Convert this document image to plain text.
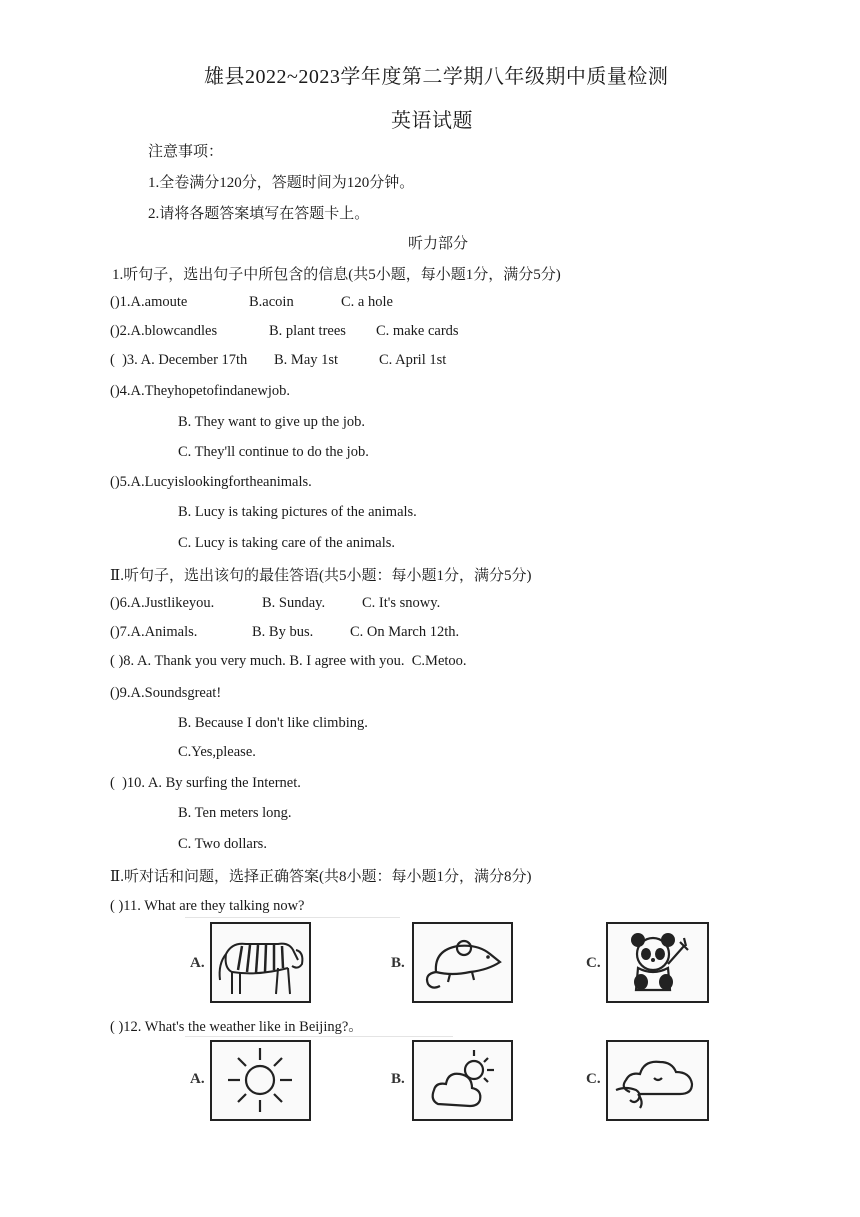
雄县2022~2023学年度第二学期八年级期中质量检测
英语试题
注意事项：
1.全卷满分120分，答题时间为120分钟。
2.请将各题答案填写在答题卡上。
听力部分
1.听句子，选出句子中所包含的信息(共5小题，每小题1分，满分5分)
()1.A.amoute	B.acoin	C. a hole
()2.A.blowcandles	B. plant trees C. make cards
(  )3. A. December 17th B. May 1st	C. April 1st
()4.A.Theyhopetofindanewjob.
B. They want to give up the job.
C. They'll continue to do the job.
()5.A.Lucyislookingfortheanimals.
B. Lucy is taking pictures of the animals.
C. Lucy is taking care of the animals.
Ⅱ.听句子，选出该句的最佳答语(共5小题：每小题1分，满分5分)
()6.A.Justlikeyou.	B. Sunday.	C. It's snowy.
()7.A.Animals.	B. By bus.	C. On March 12th.
( )8. A. Thank you very much. B. I agree with you.  C.Metoo.
()9.A.Soundsgreat!
B. Because I don't like climbing.
C.Yes,please.
(  )10. A. By surfing the Internet.
B. Ten meters long.
C. Two dollars.
Ⅱ.听对话和问题，选择正确答案(共8小题：每小题1分，满分8分)
( )11. What are they talking now?
A.	B.	C.
( )12. What's the weather like in Beijing?。
A.	B.	C.
